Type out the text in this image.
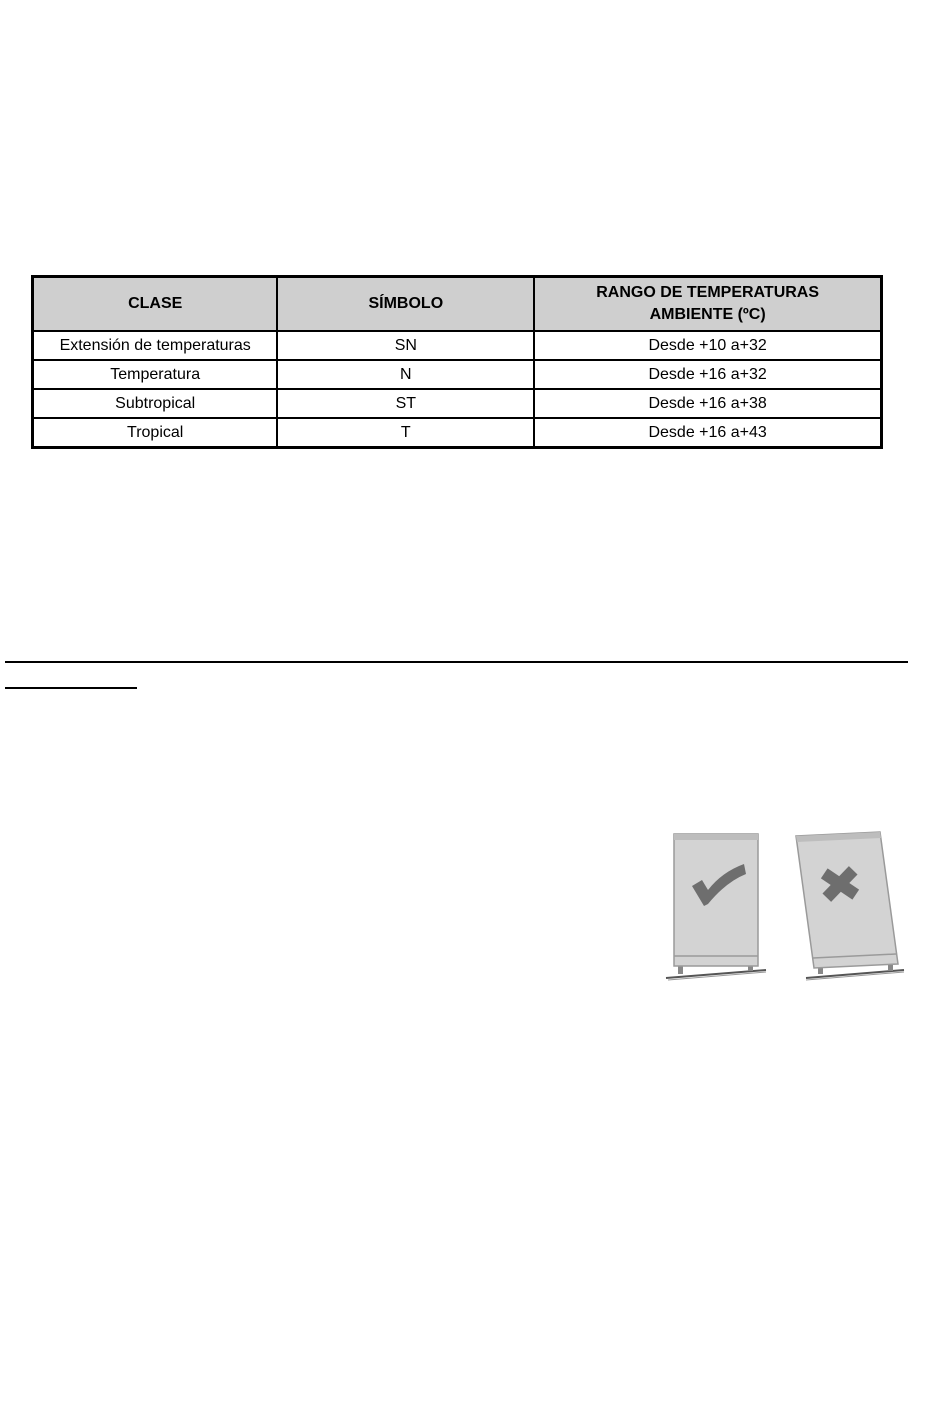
CLASE	SÍMBOLO	RANGO DE TEMPERATURAS AMBIENTE (ºC)
Extensión de temperaturas	SN	Desde +10 a+32
Temperatura	N	Desde +16 a+32
Subtropical	ST	Desde +16 a+38
Tropical	T	Desde +16 a+43
